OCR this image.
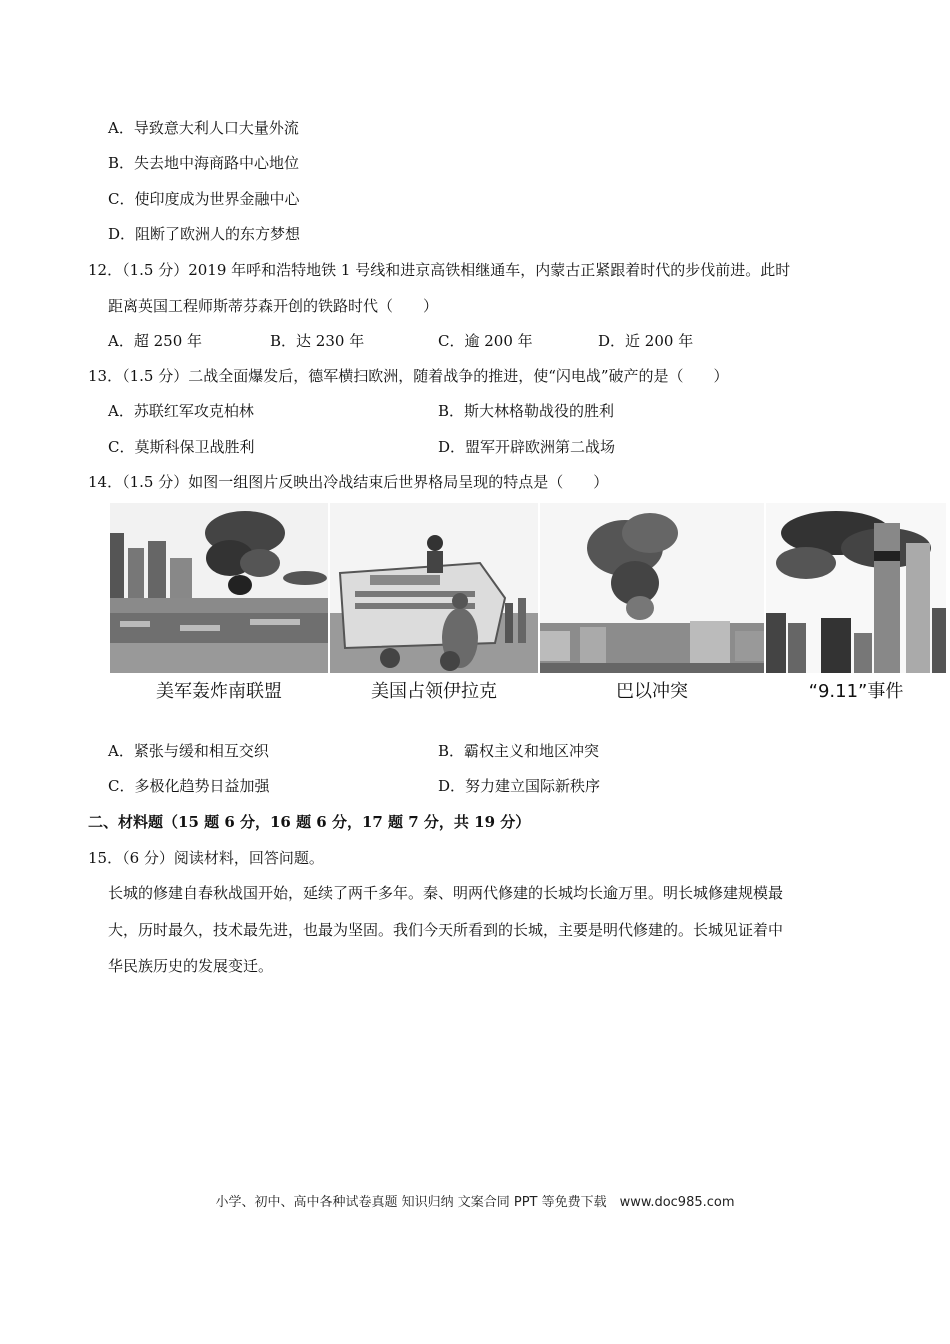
A．导致意大利人口大量外流
B．失去地中海商路中心地位
C．使印度成为世界金融中心
D．阻断了欧洲人的东方梦想
12．（1.5 分）2019 年呼和浩特地铁 1 号线和进京高铁相继通车，内蒙古正紧跟着时代的步伐前进。此时
距离英国工程师斯蒂芬森开创的铁路时代（　　）
A．超 250 年	B．达 230 年	C．逾 200 年	D．近 200 年
13．（1.5 分）二战全面爆发后，德军横扫欧洲，随着战争的推进，使“闪电战”破产的是（　　）
A．苏联红军攻克柏林	B．斯大林格勒战役的胜利
C．莫斯科保卫战胜利	D．盟军开辟欧洲第二战场
14．（1.5 分）如图一组图片反映出冷战结束后世界格局呈现的特点是（　　）
美军轰炸南联盟	美国占领伊拉克	巴以冲突	“9.11”事件
A．紧张与缓和相互交织	B．霸权主义和地区冲突
C．多极化趋势日益加强	D．努力建立国际新秩序
二、材料题（15 题 6 分，16 题 6 分，17 题 7 分，共 19 分）
15．（6 分）阅读材料，回答问题。
长城的修建自春秋战国开始，延续了两千多年。秦、明两代修建的长城均长逾万里。明长城修建规模最
大，历时最久，技术最先进，也最为坚固。我们今天所看到的长城，主要是明代修建的。长城见证着中
华民族历史的发展变迁。
小学、初中、高中各种试卷真题 知识归纳 文案合同 PPT 等免费下载　www.doc985.com
